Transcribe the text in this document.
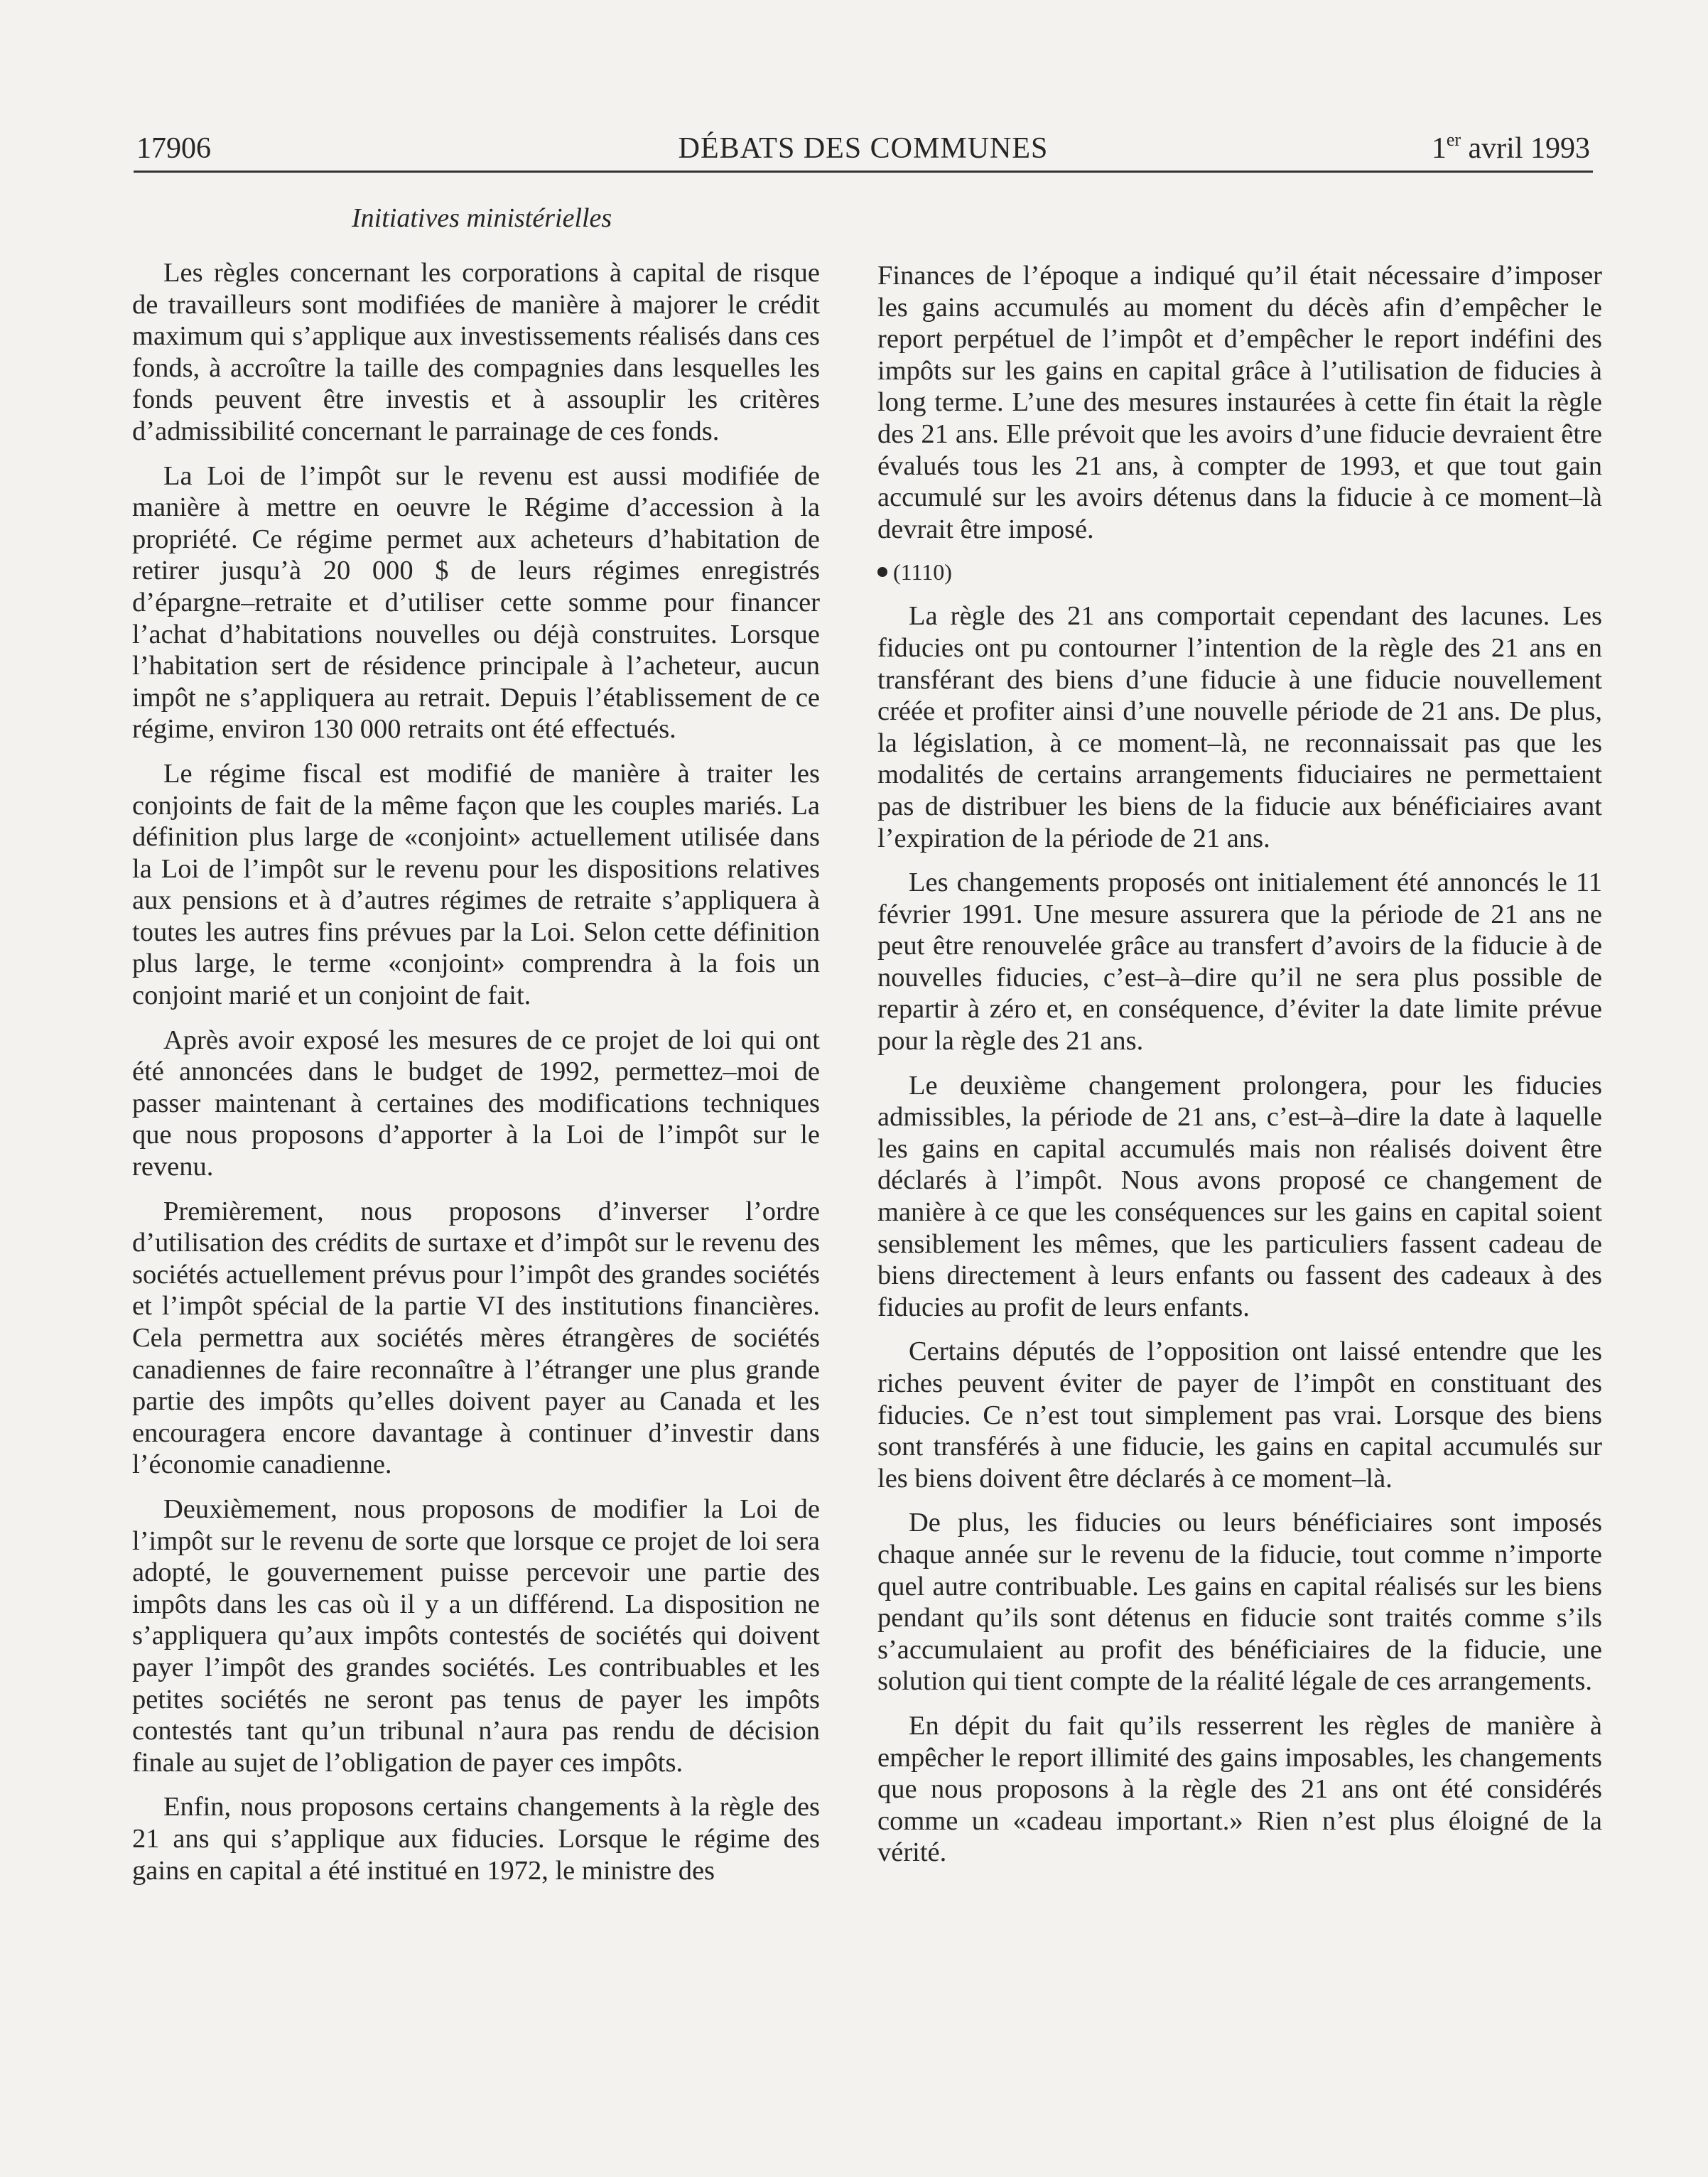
17906	DÉBATS DES COMMUNES	1er avril 1993
Initiatives ministérielles

Les règles concernant les corporations à capital de risque de travailleurs sont modifiées de manière à majorer le crédit maximum qui s’applique aux investissements réalisés dans ces fonds, à accroître la taille des compagnies dans lesquelles les fonds peuvent être investis et à assouplir les critères d’admissibilité concernant le parrainage de ces fonds.

La Loi de l’impôt sur le revenu est aussi modifiée de manière à mettre en oeuvre le Régime d’accession à la propriété. Ce régime permet aux acheteurs d’habitation de retirer jusqu’à 20 000 $ de leurs régimes enregistrés d’épargne–retraite et d’utiliser cette somme pour financer l’achat d’habitations nouvelles ou déjà construites. Lorsque l’habitation sert de résidence principale à l’acheteur, aucun impôt ne s’appliquera au retrait. Depuis l’établissement de ce régime, environ 130 000 retraits ont été effectués.

Le régime fiscal est modifié de manière à traiter les conjoints de fait de la même façon que les couples mariés. La définition plus large de «conjoint» actuellement utilisée dans la Loi de l’impôt sur le revenu pour les dispositions relatives aux pensions et à d’autres régimes de retraite s’appliquera à toutes les autres fins prévues par la Loi. Selon cette définition plus large, le terme «conjoint» comprendra à la fois un conjoint marié et un conjoint de fait.

Après avoir exposé les mesures de ce projet de loi qui ont été annoncées dans le budget de 1992, permettez–moi de passer maintenant à certaines des modifications techniques que nous proposons d’apporter à la Loi de l’impôt sur le revenu.

Premièrement, nous proposons d’inverser l’ordre d’utilisation des crédits de surtaxe et d’impôt sur le revenu des sociétés actuellement prévus pour l’impôt des grandes sociétés et l’impôt spécial de la partie VI des institutions financières. Cela permettra aux sociétés mères étrangères de sociétés canadiennes de faire reconnaître à l’étranger une plus grande partie des impôts qu’elles doivent payer au Canada et les encouragera encore davantage à continuer d’investir dans l’économie canadienne.

Deuxièmement, nous proposons de modifier la Loi de l’impôt sur le revenu de sorte que lorsque ce projet de loi sera adopté, le gouvernement puisse percevoir une partie des impôts dans les cas où il y a un différend. La disposition ne s’appliquera qu’aux impôts contestés de sociétés qui doivent payer l’impôt des grandes sociétés. Les contribuables et les petites sociétés ne seront pas tenus de payer les impôts contestés tant qu’un tribunal n’aura pas rendu de décision finale au sujet de l’obligation de payer ces impôts.

Enfin, nous proposons certains changements à la règle des 21 ans qui s’applique aux fiducies. Lorsque le régime des gains en capital a été institué en 1972, le ministre des

Finances de l’époque a indiqué qu’il était nécessaire d’imposer les gains accumulés au moment du décès afin d’empêcher le report perpétuel de l’impôt et d’empêcher le report indéfini des impôts sur les gains en capital grâce à l’utilisation de fiducies à long terme. L’une des mesures instaurées à cette fin était la règle des 21 ans. Elle prévoit que les avoirs d’une fiducie devraient être évalués tous les 21 ans, à compter de 1993, et que tout gain accumulé sur les avoirs détenus dans la fiducie à ce moment–là devrait être imposé.

(1110)

La règle des 21 ans comportait cependant des lacunes. Les fiducies ont pu contourner l’intention de la règle des 21 ans en transférant des biens d’une fiducie à une fiducie nouvellement créée et profiter ainsi d’une nouvelle période de 21 ans. De plus, la législation, à ce moment–là, ne reconnaissait pas que les modalités de certains arrangements fiduciaires ne permettaient pas de distribuer les biens de la fiducie aux bénéficiaires avant l’expiration de la période de 21 ans.

Les changements proposés ont initialement été annoncés le 11 février 1991. Une mesure assurera que la période de 21 ans ne peut être renouvelée grâce au transfert d’avoirs de la fiducie à de nouvelles fiducies, c’est–à–dire qu’il ne sera plus possible de repartir à zéro et, en conséquence, d’éviter la date limite prévue pour la règle des 21 ans.

Le deuxième changement prolongera, pour les fiducies admissibles, la période de 21 ans, c’est–à–dire la date à laquelle les gains en capital accumulés mais non réalisés doivent être déclarés à l’impôt. Nous avons proposé ce changement de manière à ce que les conséquences sur les gains en capital soient sensiblement les mêmes, que les particuliers fassent cadeau de biens directement à leurs enfants ou fassent des cadeaux à des fiducies au profit de leurs enfants.

Certains députés de l’opposition ont laissé entendre que les riches peuvent éviter de payer de l’impôt en constituant des fiducies. Ce n’est tout simplement pas vrai. Lorsque des biens sont transférés à une fiducie, les gains en capital accumulés sur les biens doivent être déclarés à ce moment–là.

De plus, les fiducies ou leurs bénéficiaires sont imposés chaque année sur le revenu de la fiducie, tout comme n’importe quel autre contribuable. Les gains en capital réalisés sur les biens pendant qu’ils sont détenus en fiducie sont traités comme s’ils s’accumulaient au profit des bénéficiaires de la fiducie, une solution qui tient compte de la réalité légale de ces arrangements.

En dépit du fait qu’ils resserrent les règles de manière à empêcher le report illimité des gains imposables, les changements que nous proposons à la règle des 21 ans ont été considérés comme un «cadeau important.» Rien n’est plus éloigné de la vérité.
